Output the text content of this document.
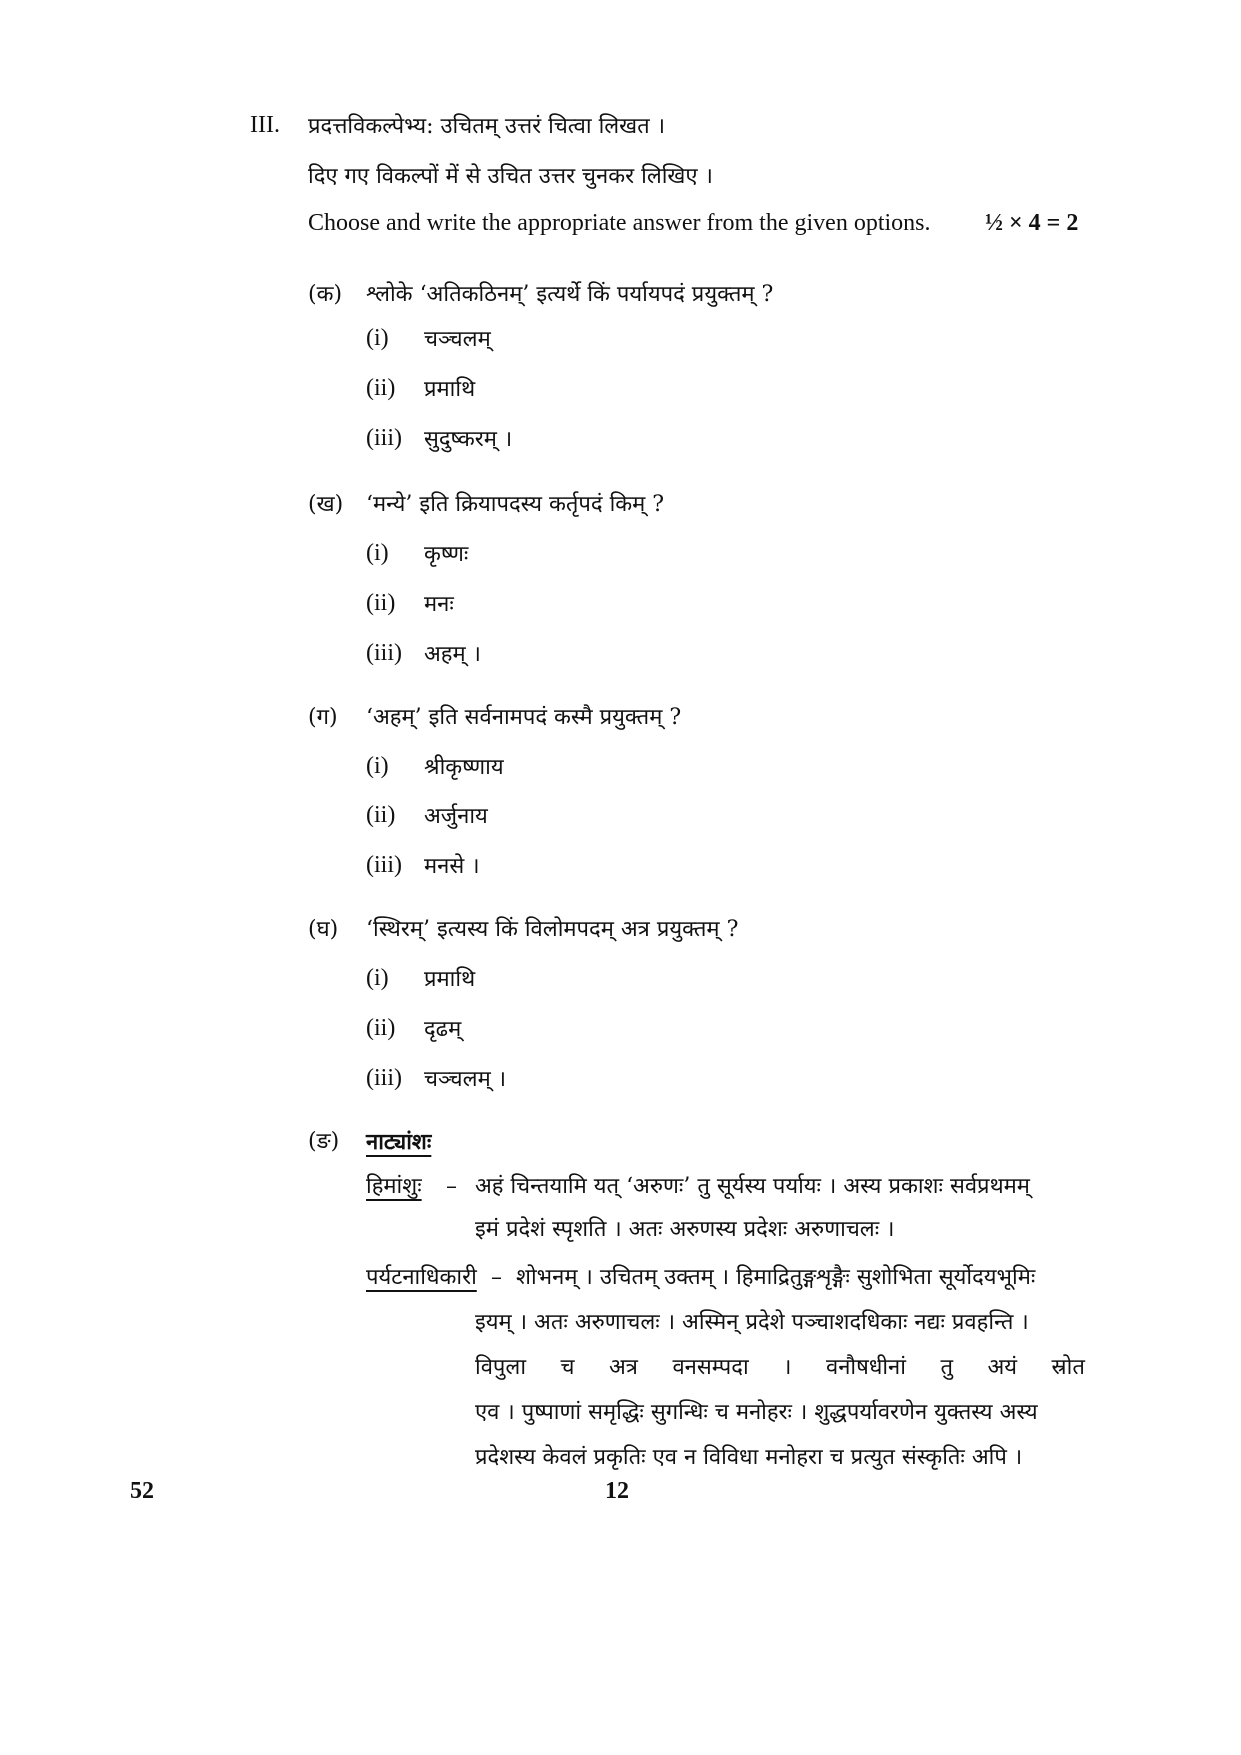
III. प्रदत्तविकल्पेभ्य: उचितम् उत्तरं चित्वा लिखत ।
दिए गए विकल्पों में से उचित उत्तर चुनकर लिखिए ।
Choose and write the appropriate answer from the given options. ½ × 4 = 2
(क) श्लोके ‘अतिकठिनम्’ इत्यर्थे किं पर्यायपदं प्रयुक्तम् ?
(i) चञ्चलम्
(ii) प्रमाथि
(iii) सुदुष्करम् ।
(ख) ‘मन्ये’ इति क्रियापदस्य कर्तृपदं किम् ?
(i) कृष्णः
(ii) मनः
(iii) अहम् ।
(ग) ‘अहम्’ इति सर्वनामपदं कस्मै प्रयुक्तम् ?
(i) श्रीकृष्णाय
(ii) अर्जुनाय
(iii) मनसे ।
(घ) ‘स्थिरम्’ इत्यस्य किं विलोमपदम् अत्र प्रयुक्तम् ?
(i) प्रमाथि
(ii) दृढम्
(iii) चञ्चलम् ।
(ङ) नाट्यांशः
हिमांशुः – अहं चिन्तयामि यत् ‘अरुणः’ तु सूर्यस्य पर्यायः । अस्य प्रकाशः सर्वप्रथमम्
इमं प्रदेशं स्पृशति । अतः अरुणस्य प्रदेशः अरुणाचलः ।
पर्यटनाधिकारी – शोभनम् । उचितम् उक्तम् । हिमाद्रितुङ्गशृङ्गैः सुशोभिता सूर्योदयभूमिः
इयम् । अतः अरुणाचलः । अस्मिन् प्रदेशे पञ्चाशदधिकाः नद्यः प्रवहन्ति ।
विपुला च अत्र वनसम्पदा । वनौषधीनां तु अयं स्रोत
एव । पुष्पाणां समृद्धिः सुगन्धिः च मनोहरः । शुद्धपर्यावरणेन युक्तस्य अस्य
प्रदेशस्य केवलं प्रकृतिः एव न विविधा मनोहरा च प्रत्युत संस्कृतिः अपि ।
52	12
